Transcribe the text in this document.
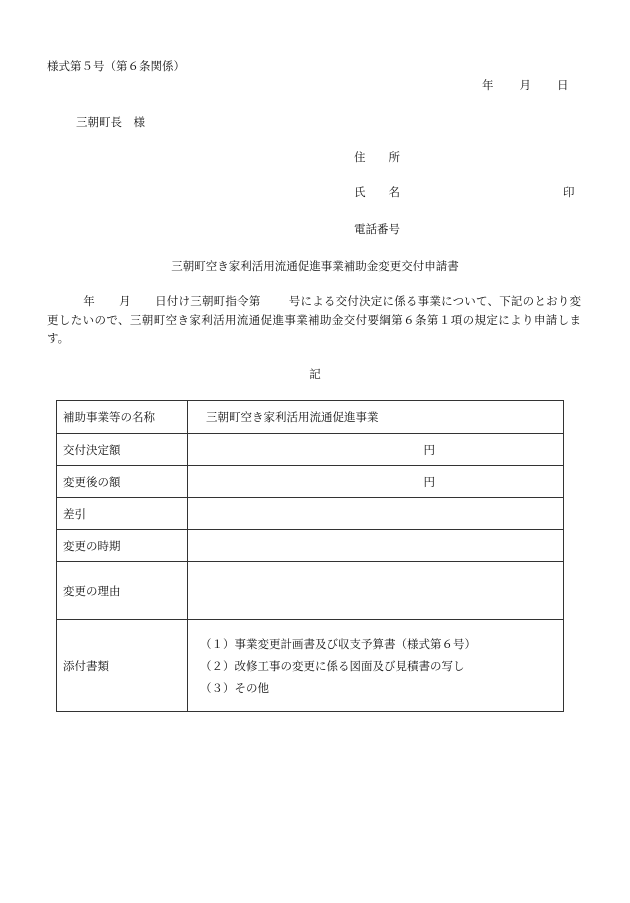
様式第５号（第６条関係）
年 月 日
三朝町長　様
住　　所
氏　　名	印
電話番号
三朝町空き家利活用流通促進事業補助金変更交付申請書
年 月 日付け三朝町指令第 号による交付決定に係る事業について、下記のとおり変更したいので、三朝町空き家利活用流通促進事業補助金交付要綱第６条第１項の規定により申請します。
記
補助事業等の名称	三朝町空き家利活用流通促進事業
交付決定額	円

変更後の額	円

差引	
変更の時期	
変更の理由	
添付書類	（１）事業変更計画書及び収支予算書（様式第６号）
（２）改修工事の変更に係る図面及び見積書の写し
（３）その他
